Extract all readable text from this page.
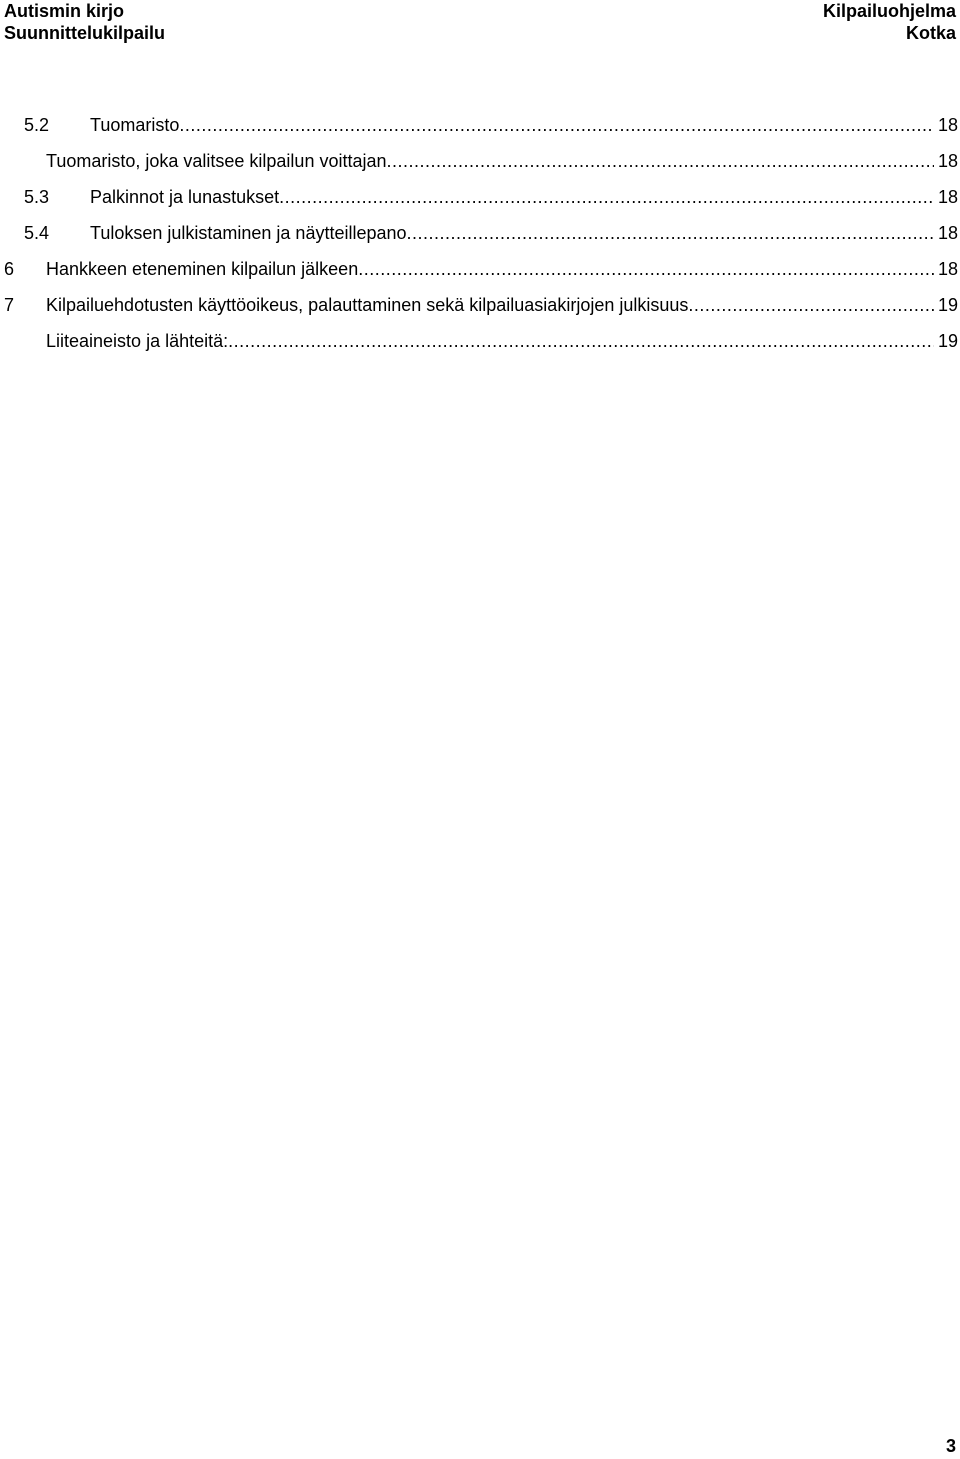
Autismin kirjo
Suunnittelukilpailu
Kilpailuohjelma
Kotka
5.2 Tuomaristo .....	18
Tuomaristo, joka valitsee kilpailun voittajan .....	18
5.3 Palkinnot ja lunastukset .....	18
5.4 Tuloksen julkistaminen ja näytteillepano .....	18
6 Hankkeen eteneminen kilpailun jälkeen .....	18
7 Kilpailuehdotusten käyttöoikeus, palauttaminen sekä kilpailuasiakirjojen julkisuus .....	19
Liiteaineisto ja lähteitä: .....	19
3
